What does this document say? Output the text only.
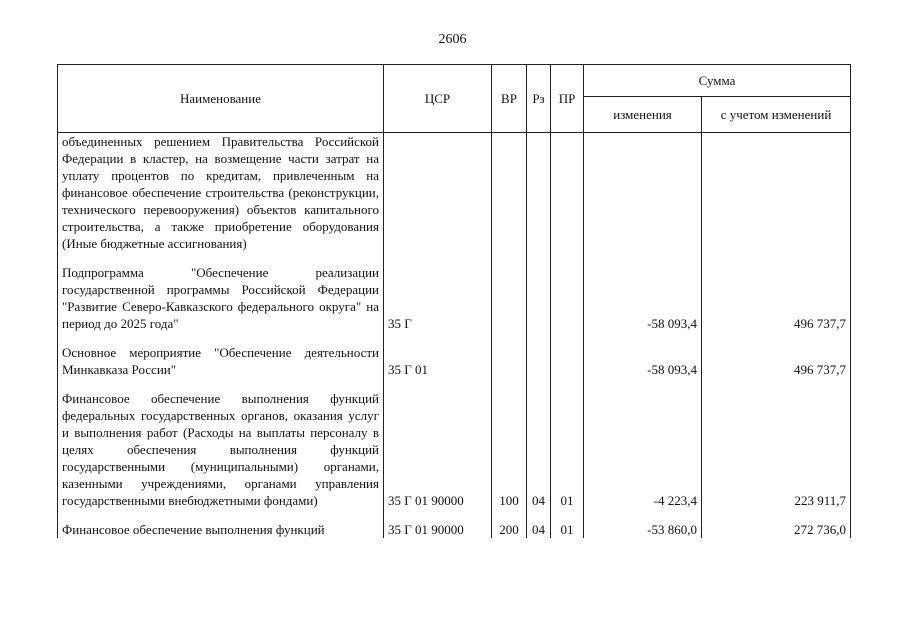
2606
Наименование	ЦСР	ВР	Рз	ПР	Сумма	
					изменения	с учетом изменений
объединенных решением Правительства Российской Федерации в кластер, на возмещение части затрат на уплату процентов по кредитам, привлеченным на финансовое обеспечение строительства (реконструкции, технического перевооружения) объектов капитального строительства, а также приобретение оборудования (Иные бюджетные ассигнования)						
Подпрограмма "Обеспечение реализации государственной программы Российской Федерации "Развитие Северо-Кавказского федерального округа" на период до 2025 года"	35 Г				-58 093,4	496 737,7
Основное мероприятие "Обеспечение деятельности Минкавказа России"	35 Г 01				-58 093,4	496 737,7
Финансовое обеспечение выполнения функций федеральных государственных органов, оказания услуг и выполнения работ (Расходы на выплаты персоналу в целях обеспечения выполнения функций государственными (муниципальными) органами, казенными учреждениями, органами управления государственными внебюджетными фондами)	35 Г 01 90000	100	04	01	-4 223,4	223 911,7
Финансовое обеспечение выполнения функций	35 Г 01 90000	200	04	01	-53 860,0	272 736,0
